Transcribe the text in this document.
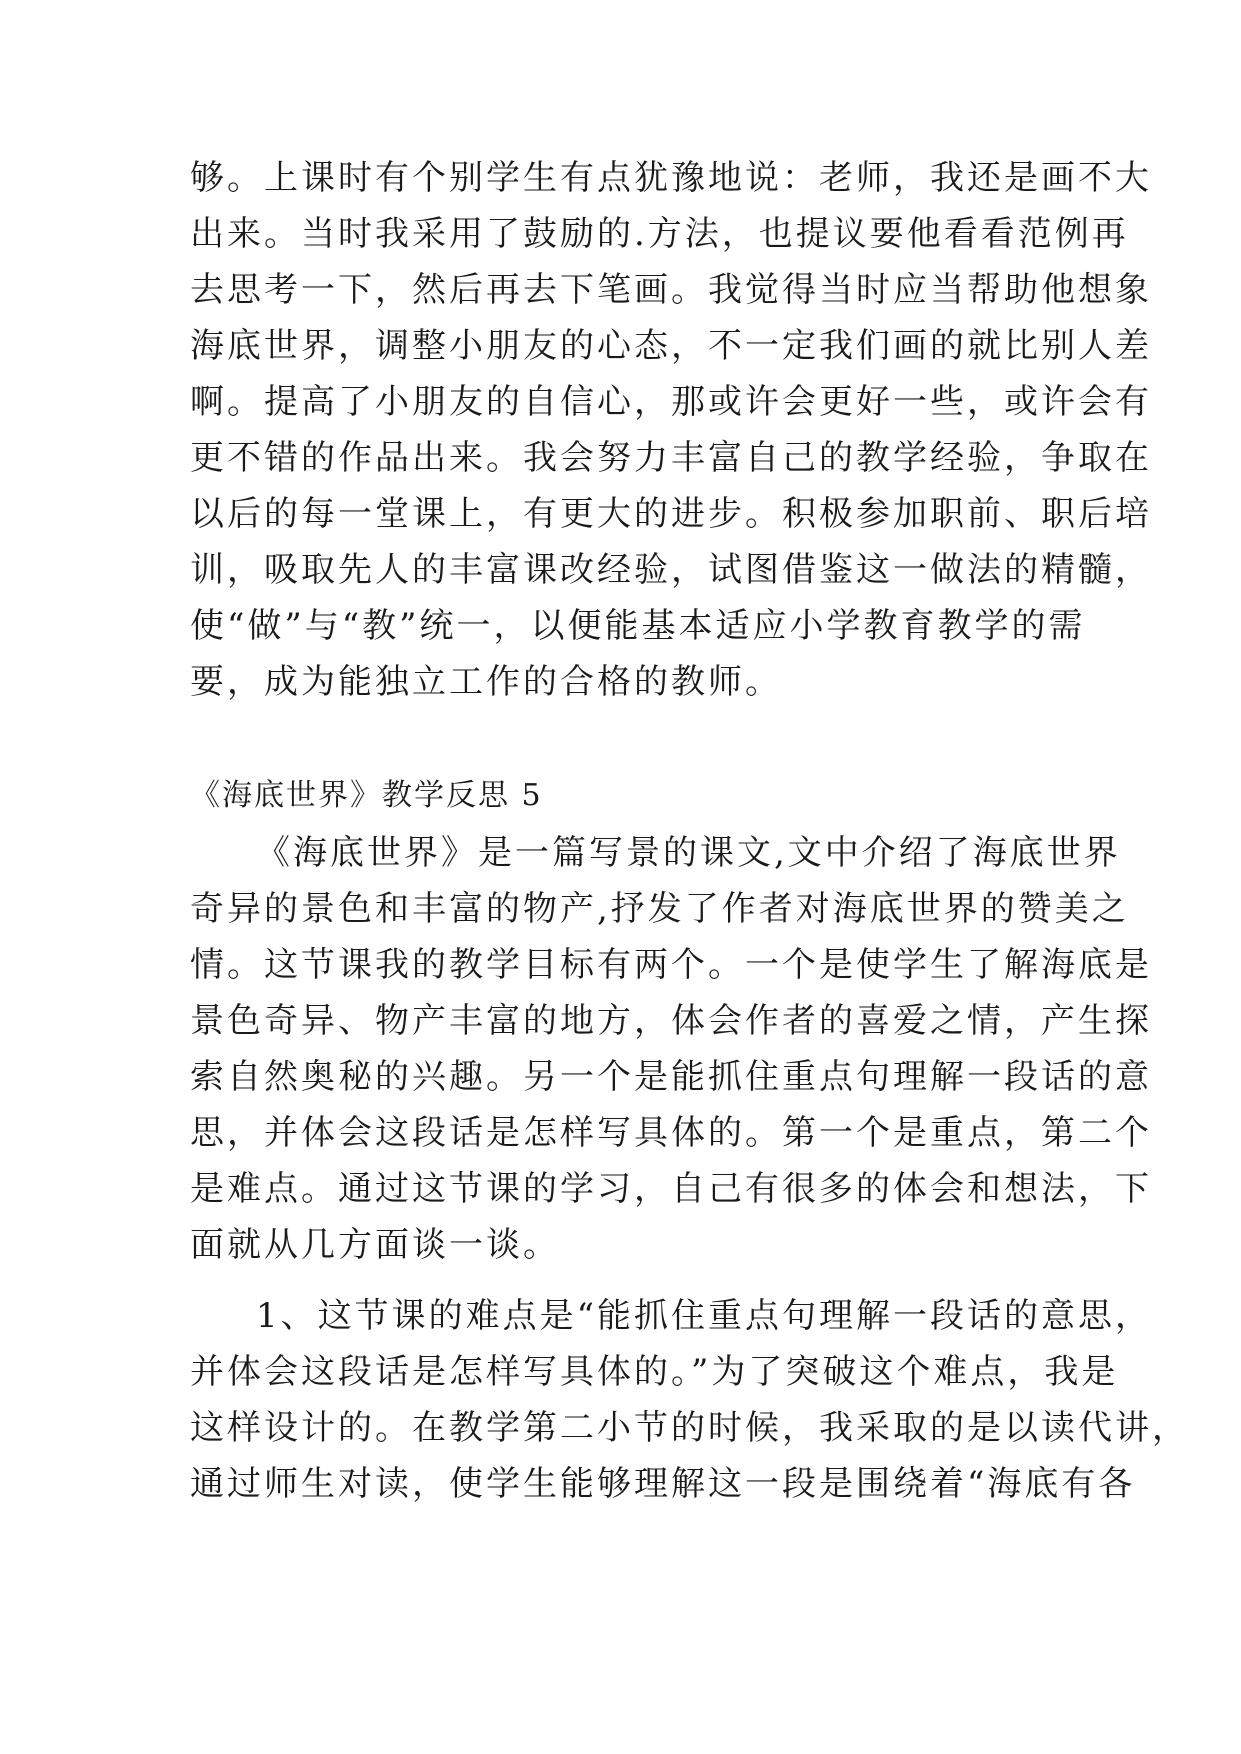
够。上课时有个别学生有点犹豫地说：老师，我还是画不大
出来。当时我采用了鼓励的.方法，也提议要他看看范例再
去思考一下，然后再去下笔画。我觉得当时应当帮助他想象
海底世界，调整小朋友的心态，不一定我们画的就比别人差
啊。提高了小朋友的自信心，那或许会更好一些，或许会有
更不错的作品出来。我会努力丰富自己的教学经验，争取在
以后的每一堂课上，有更大的进步。积极参加职前、职后培
训，吸取先人的丰富课改经验，试图借鉴这一做法的精髓，
使“做”与“教”统一，以便能基本适应小学教育教学的需
要，成为能独立工作的合格的教师。
《海底世界》教学反思 5
《海底世界》是一篇写景的课文,文中介绍了海底世界
奇异的景色和丰富的物产,抒发了作者对海底世界的赞美之
情。这节课我的教学目标有两个。一个是使学生了解海底是
景色奇异、物产丰富的地方，体会作者的喜爱之情，产生探
索自然奥秘的兴趣。另一个是能抓住重点句理解一段话的意
思，并体会这段话是怎样写具体的。第一个是重点，第二个
是难点。通过这节课的学习，自己有很多的体会和想法，下
面就从几方面谈一谈。
1、这节课的难点是“能抓住重点句理解一段话的意思，
并体会这段话是怎样写具体的。”为了突破这个难点，我是
这样设计的。在教学第二小节的时候，我采取的是以读代讲，
通过师生对读，使学生能够理解这一段是围绕着“海底有各
